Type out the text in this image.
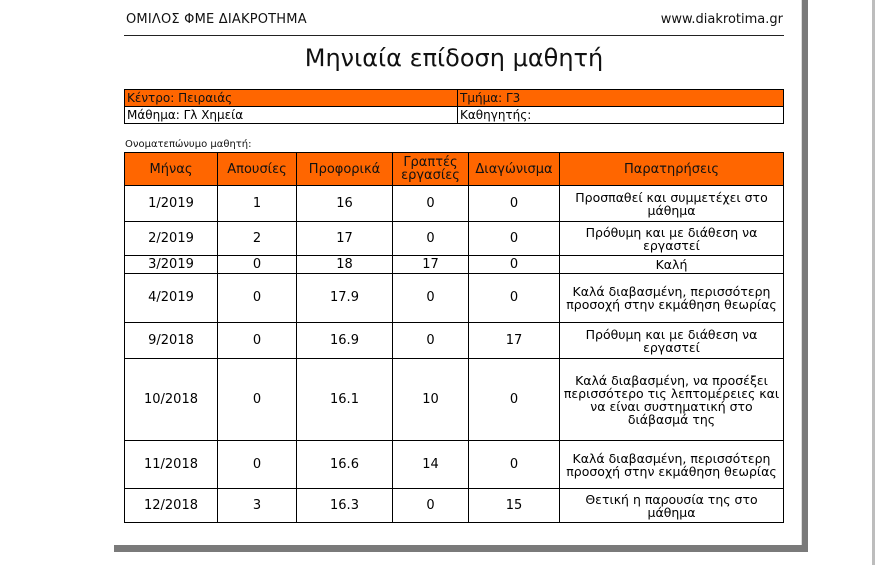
ΟΜΙΛΟΣ ΦΜΕ ΔΙΑΚΡΟΤΗΜΑ	www.diakrotima.gr
Μηνιαία επίδοση μαθητή
Κέντρο: Πειραιάς	Τμήμα: Γ3
Μάθημα: Γλ Χημεία	Καθηγητής:
Ονοματεπώνυμο μαθητή:
Μήνας	Απουσίες	Προφορικά	Γραπτές εργασίες	Διαγώνισμα	Παρατηρήσεις
1/2019	1	16	0	0	Προσπαθεί και συμμετέχει στο μάθημα
2/2019	2	17	0	0	Πρόθυμη και με διάθεση να εργαστεί
3/2019	0	18	17	0	Καλή
4/2019	0	17.9	0	0	Καλά διαβασμένη, περισσότερη προσοχή στην εκμάθηση θεωρίας
9/2018	0	16.9	0	17	Πρόθυμη και με διάθεση να εργαστεί
10/2018	0	16.1	10	0	Καλά διαβασμένη, να προσέξει περισσότερο τις λεπτομέρειες και να είναι συστηματική στο διάβασμά της
11/2018	0	16.6	14	0	Καλά διαβασμένη, περισσότερη προσοχή στην εκμάθηση θεωρίας
12/2018	3	16.3	0	15	Θετική η παρουσία της στο μάθημα
